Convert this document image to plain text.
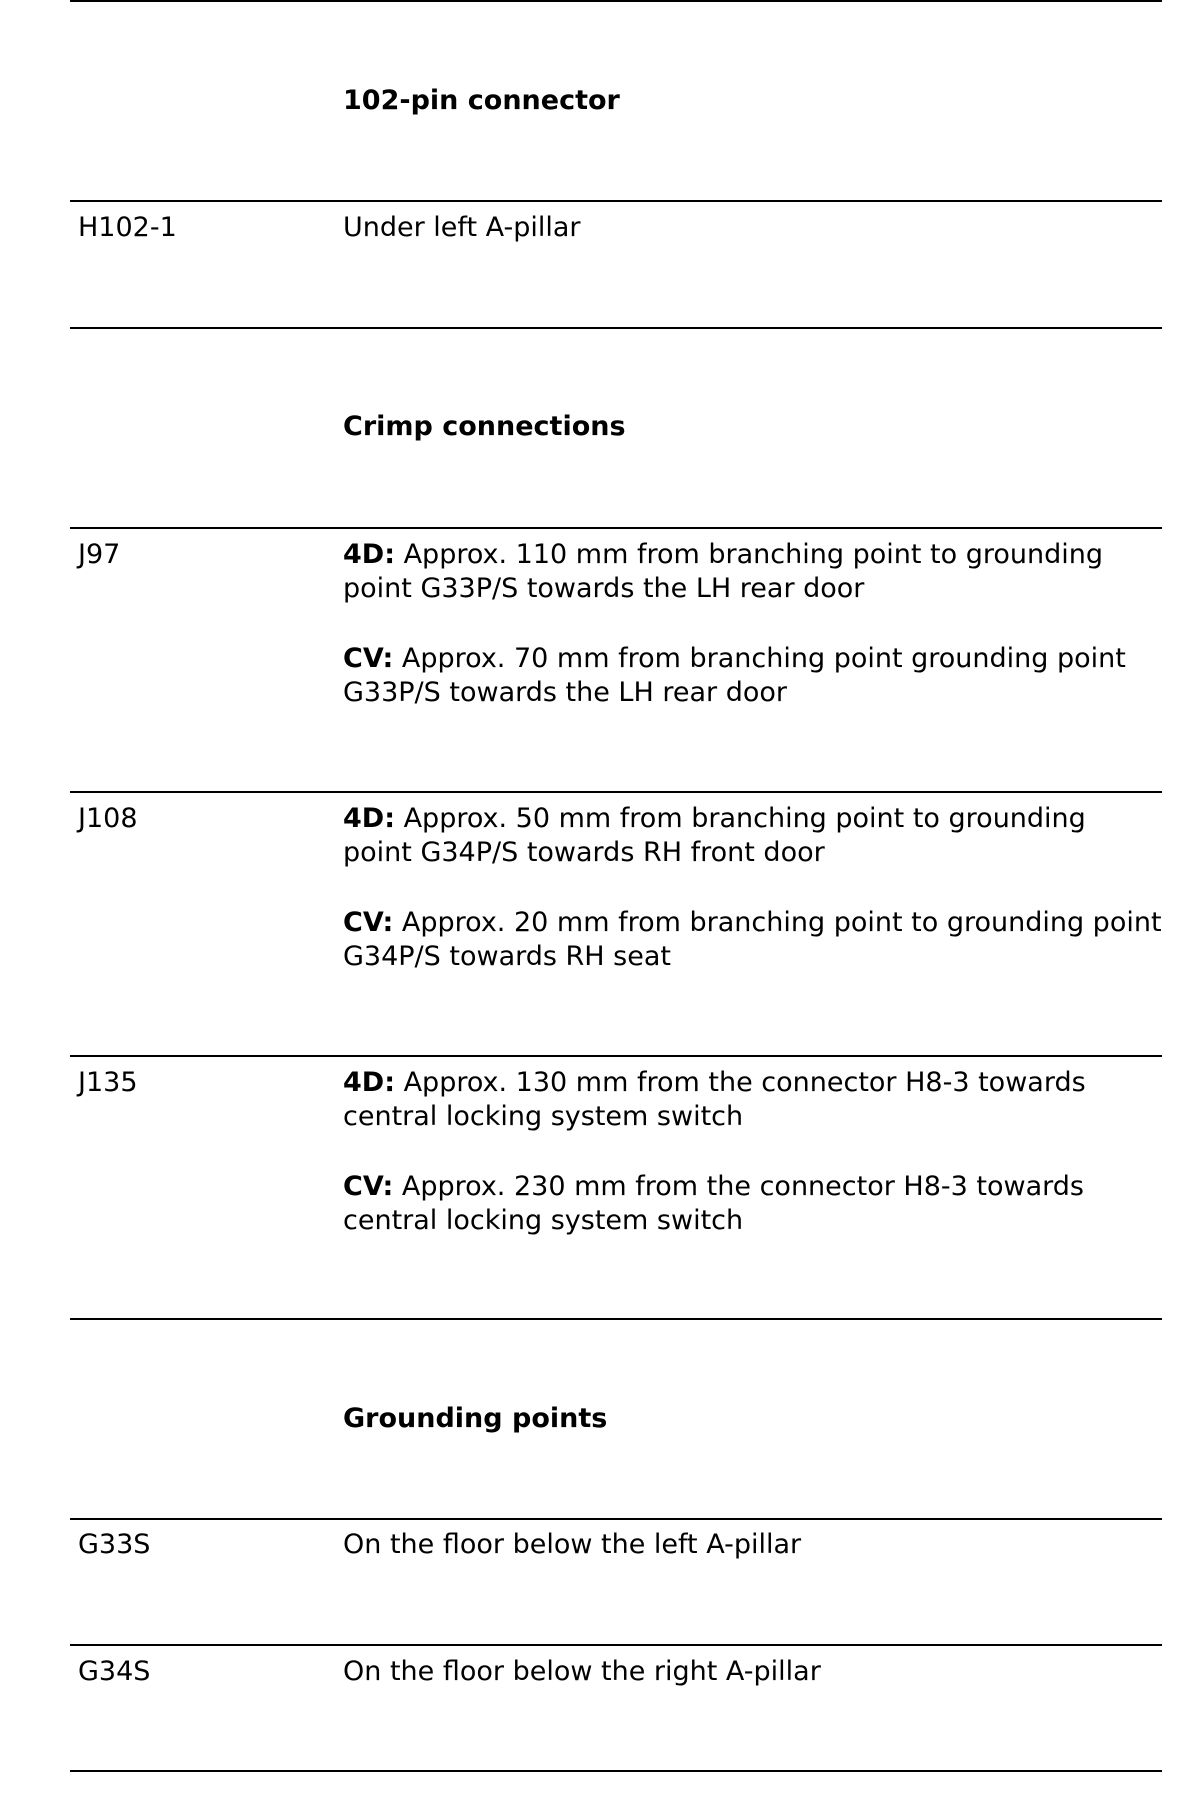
102-pin connector
H102-1	Under left A-pillar
Crimp connections
J97	4D: Approx. 110 mm from branching point to grounding point G33P/S towards the LH rear door

CV: Approx. 70 mm from branching point grounding point G33P/S towards the LH rear door

J108	4D: Approx. 50 mm from branching point to grounding point G34P/S towards RH front door

CV: Approx. 20 mm from branching point to grounding point G34P/S towards RH seat

J135	4D: Approx. 130 mm from the connector H8-3 towards central locking system switch

CV: Approx. 230 mm from the connector H8-3 towards central locking system switch

Grounding points
G33S	On the floor below the left A-pillar
G34S	On the floor below the right A-pillar
